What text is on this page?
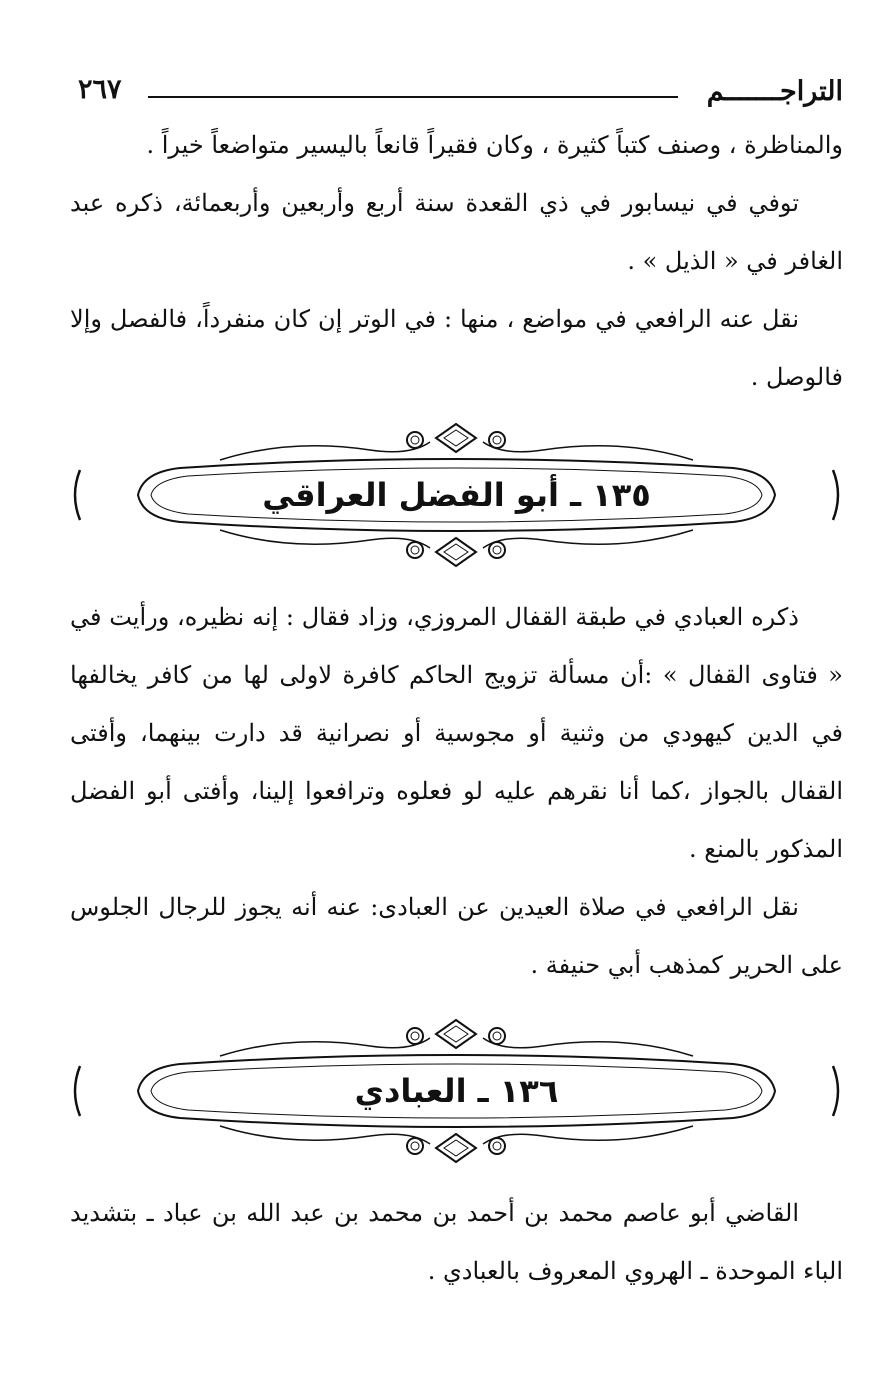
التراجـــــــم
٢٦٧

والمناظرة ، وصنف كتباً كثيرة ، وكان فقيراً قانعاً باليسير متواضعاً خيراً .

توفي في نيسابور في ذي القعدة سنة أربع وأربعين وأربعمائة، ذكره عبد الغافر في « الذيل » .

نقل عنه الرافعي في مواضع ، منها : في الوتر إن كان منفرداً، فالفصل وإلا فالوصل .

١٣٥ ـ أبو الفضل العراقي

ذكره العبادي في طبقة القفال المروزي، وزاد فقال : إنه نظيره، ورأيت في « فتاوى القفال » :أن مسألة تزويج الحاكم كافرة لاولى لها من كافر يخالفها في الدين كيهودي من وثنية أو مجوسية أو نصرانية قد دارت بينهما، وأفتى القفال بالجواز ،كما أنا نقرهم عليه لو فعلوه وترافعوا إلينا، وأفتى أبو الفضل المذكور بالمنع .

نقل الرافعي في صلاة العيدين عن العبادى: عنه أنه يجوز للرجال الجلوس على الحرير كمذهب أبي حنيفة .

١٣٦ ـ العبادي

القاضي أبو عاصم محمد بن أحمد بن محمد بن عبد الله بن عباد ـ بتشديد الباء الموحدة ـ الهروي المعروف بالعبادي .
